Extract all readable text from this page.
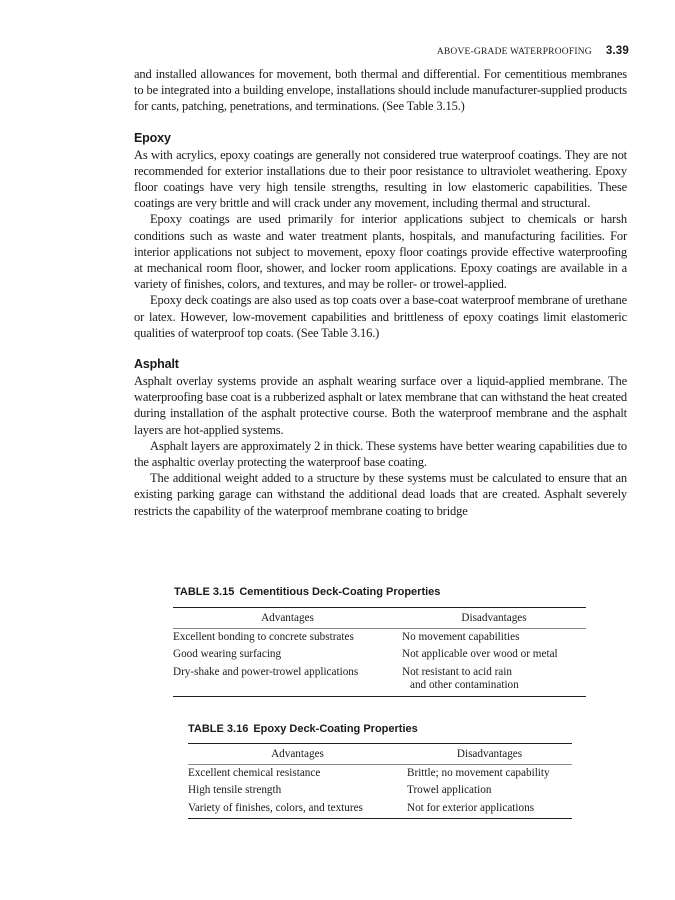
ABOVE-GRADE WATERPROOFING 3.39

and installed allowances for movement, both thermal and differential. For cementitious membranes to be integrated into a building envelope, installations should include manufacturer-supplied products for cants, patching, penetrations, and terminations. (See Table 3.15.)

Epoxy

As with acrylics, epoxy coatings are generally not considered true waterproof coatings. They are not recommended for exterior installations due to their poor resistance to ultraviolet weathering. Epoxy floor coatings have very high tensile strengths, resulting in low elastomeric capabilities. These coatings are very brittle and will crack under any movement, including thermal and structural.

Epoxy coatings are used primarily for interior applications subject to chemicals or harsh conditions such as waste and water treatment plants, hospitals, and manufacturing facilities. For interior applications not subject to movement, epoxy floor coatings provide effective waterproofing at mechanical room floor, shower, and locker room applications. Epoxy coatings are available in a variety of finishes, colors, and textures, and may be roller- or trowel-applied.

Epoxy deck coatings are also used as top coats over a base-coat waterproof membrane of urethane or latex. However, low-movement capabilities and brittleness of epoxy coatings limit elastomeric qualities of waterproof top coats. (See Table 3.16.)

Asphalt

Asphalt overlay systems provide an asphalt wearing surface over a liquid-applied membrane. The waterproofing base coat is a rubberized asphalt or latex membrane that can withstand the heat created during installation of the asphalt protective course. Both the waterproof membrane and the asphalt layers are hot-applied systems.

Asphalt layers are approximately 2 in thick. These systems have better wearing capabilities due to the asphaltic overlay protecting the waterproof base coating.

The additional weight added to a structure by these systems must be calculated to ensure that an existing parking garage can withstand the additional dead loads that are created. Asphalt severely restricts the capability of the waterproof membrane coating to bridge

TABLE 3.15 Cementitious Deck-Coating Properties
Advantages	Disadvantages
Excellent bonding to concrete substrates	No movement capabilities
Good wearing surfacing	Not applicable over wood or metal
Dry-shake and power-trowel applications	Not resistant to acid rain
and other contamination
TABLE 3.16 Epoxy Deck-Coating Properties
Advantages	Disadvantages
Excellent chemical resistance	Brittle; no movement capability
High tensile strength	Trowel application
Variety of finishes, colors, and textures	Not for exterior applications
